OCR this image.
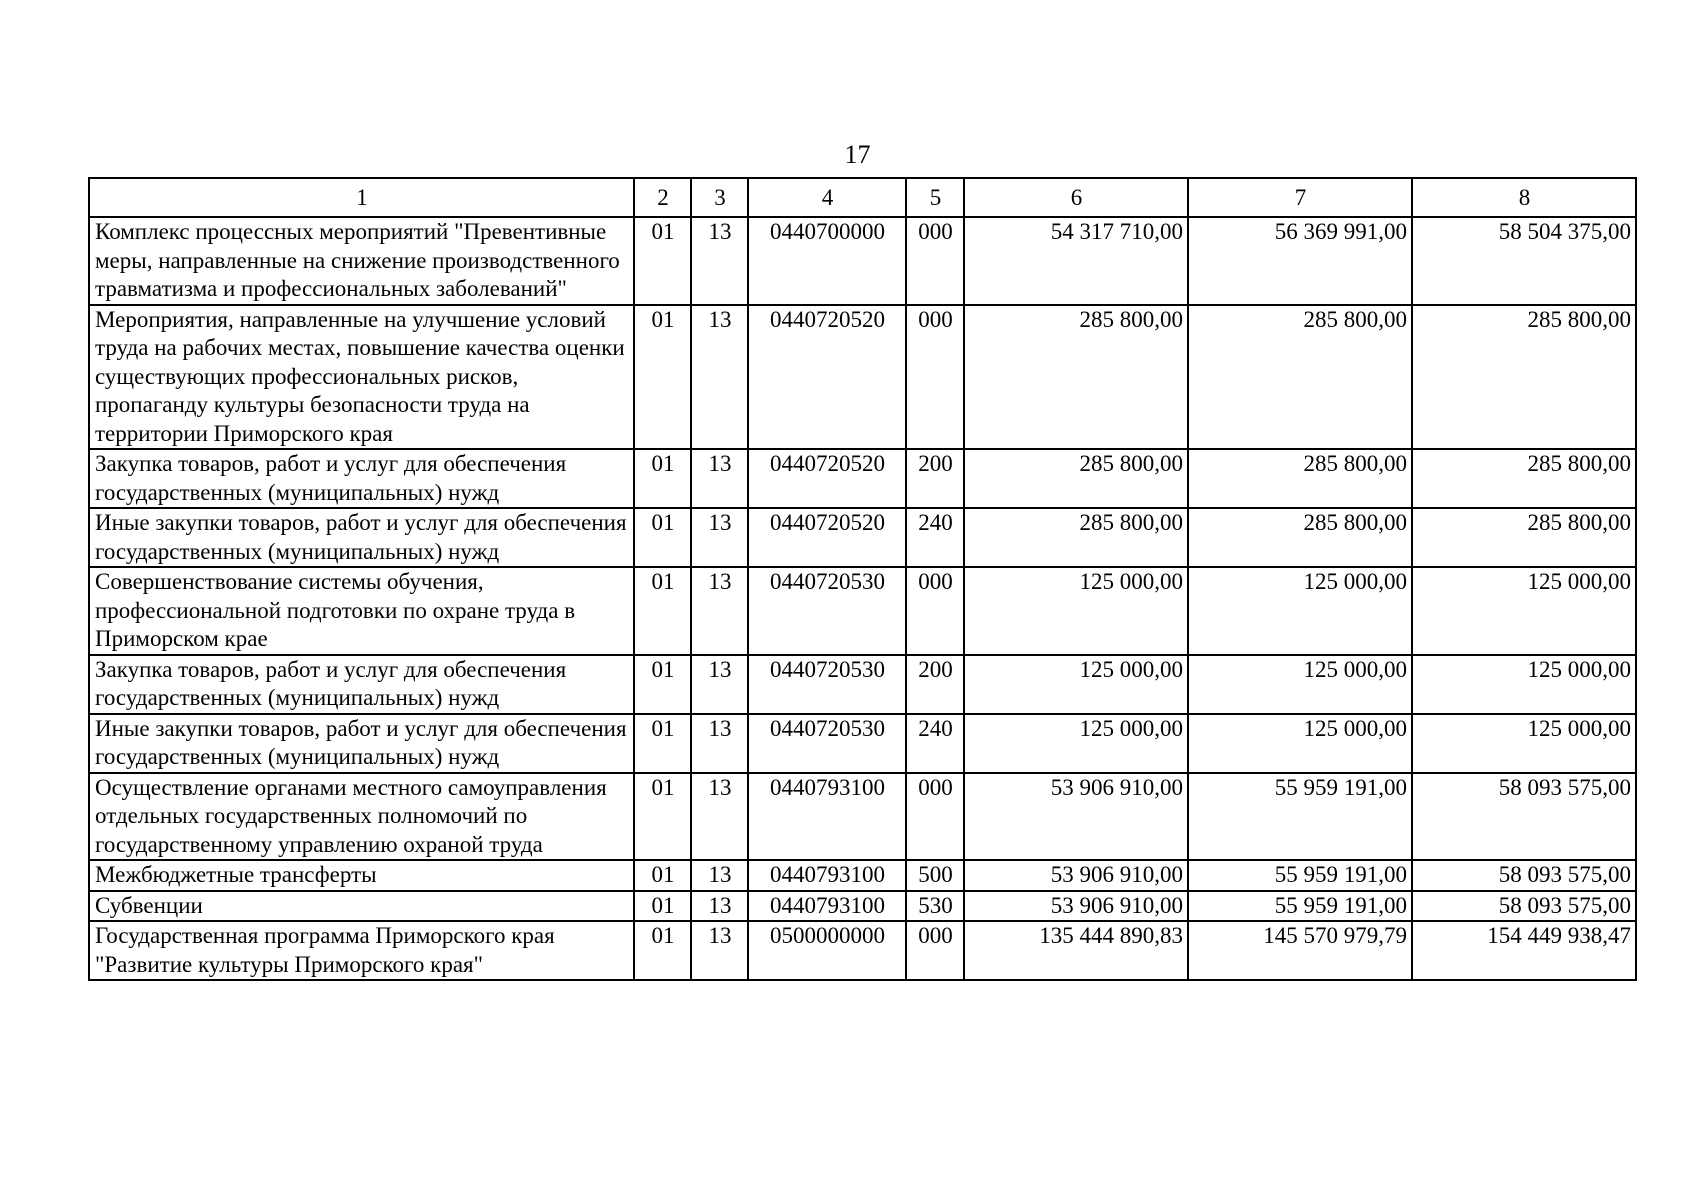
17
1	2	3	4	5	6	7	8
Комплекс процессных мероприятий "Превентивные меры, направленные на снижение производственного травматизма и профессиональных заболеваний"	01	13	0440700000	000	54 317 710,00	56 369 991,00	58 504 375,00
Мероприятия, направленные на улучшение условий труда на рабочих местах, повышение качества оценки существующих профессиональных рисков, пропаганду культуры безопасности труда на территории Приморского края	01	13	0440720520	000	285 800,00	285 800,00	285 800,00
Закупка товаров, работ и услуг для обеспечения государственных (муниципальных) нужд	01	13	0440720520	200	285 800,00	285 800,00	285 800,00
Иные закупки товаров, работ и услуг для обеспечения государственных (муниципальных) нужд	01	13	0440720520	240	285 800,00	285 800,00	285 800,00
Совершенствование системы обучения, профессиональной подготовки по охране труда в Приморском крае	01	13	0440720530	000	125 000,00	125 000,00	125 000,00
Закупка товаров, работ и услуг для обеспечения государственных (муниципальных) нужд	01	13	0440720530	200	125 000,00	125 000,00	125 000,00
Иные закупки товаров, работ и услуг для обеспечения государственных (муниципальных) нужд	01	13	0440720530	240	125 000,00	125 000,00	125 000,00
Осуществление органами местного самоуправления отдельных государственных полномочий по государственному управлению охраной труда	01	13	0440793100	000	53 906 910,00	55 959 191,00	58 093 575,00
Межбюджетные трансферты	01	13	0440793100	500	53 906 910,00	55 959 191,00	58 093 575,00
Субвенции	01	13	0440793100	530	53 906 910,00	55 959 191,00	58 093 575,00
Государственная программа Приморского края "Развитие культуры Приморского края"	01	13	0500000000	000	135 444 890,83	145 570 979,79	154 449 938,47
